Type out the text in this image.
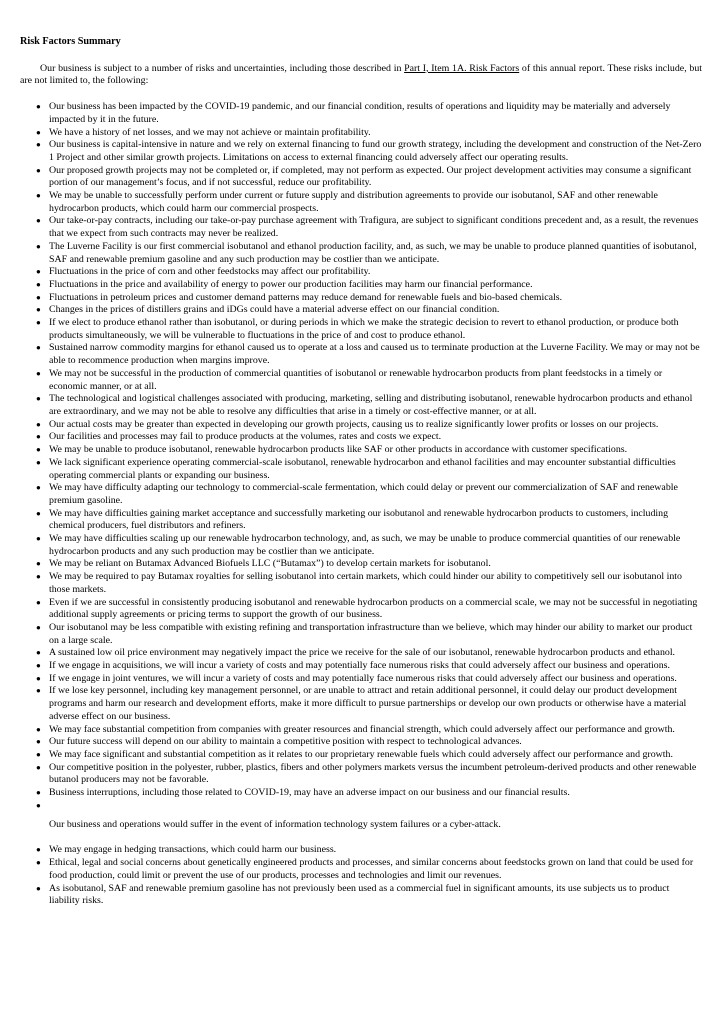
Risk Factors Summary

Our business is subject to a number of risks and uncertainties, including those described in Part I, Item 1A. Risk Factors of this annual report. These risks include, but are not limited to, the following:

● Our business has been impacted by the COVID-19 pandemic, and our financial condition, results of operations and liquidity may be materially and adversely impacted by it in the future.
● We have a history of net losses, and we may not achieve or maintain profitability.
● Our business is capital-intensive in nature and we rely on external financing to fund our growth strategy, including the development and construction of the Net-Zero 1 Project and other similar growth projects. Limitations on access to external financing could adversely affect our operating results.
● Our proposed growth projects may not be completed or, if completed, may not perform as expected. Our project development activities may consume a significant portion of our management’s focus, and if not successful, reduce our profitability.
● We may be unable to successfully perform under current or future supply and distribution agreements to provide our isobutanol, SAF and other renewable hydrocarbon products, which could harm our commercial prospects.
● Our take-or-pay contracts, including our take-or-pay purchase agreement with Trafigura, are subject to significant conditions precedent and, as a result, the revenues that we expect from such contracts may never be realized.
● The Luverne Facility is our first commercial isobutanol and ethanol production facility, and, as such, we may be unable to produce planned quantities of isobutanol, SAF and renewable premium gasoline and any such production may be costlier than we anticipate.
● Fluctuations in the price of corn and other feedstocks may affect our profitability.
● Fluctuations in the price and availability of energy to power our production facilities may harm our financial performance.
● Fluctuations in petroleum prices and customer demand patterns may reduce demand for renewable fuels and bio-based chemicals.
● Changes in the prices of distillers grains and iDGs could have a material adverse effect on our financial condition.
● If we elect to produce ethanol rather than isobutanol, or during periods in which we make the strategic decision to revert to ethanol production, or produce both products simultaneously, we will be vulnerable to fluctuations in the price of and cost to produce ethanol.
● Sustained narrow commodity margins for ethanol caused us to operate at a loss and caused us to terminate production at the Luverne Facility. We may or may not be able to recommence production when margins improve.
● We may not be successful in the production of commercial quantities of isobutanol or renewable hydrocarbon products from plant feedstocks in a timely or economic manner, or at all.
● The technological and logistical challenges associated with producing, marketing, selling and distributing isobutanol, renewable hydrocarbon products and ethanol are extraordinary, and we may not be able to resolve any difficulties that arise in a timely or cost-effective manner, or at all.
● Our actual costs may be greater than expected in developing our growth projects, causing us to realize significantly lower profits or losses on our projects.
● Our facilities and processes may fail to produce products at the volumes, rates and costs we expect.
● We may be unable to produce isobutanol, renewable hydrocarbon products like SAF or other products in accordance with customer specifications.
● We lack significant experience operating commercial-scale isobutanol, renewable hydrocarbon and ethanol facilities and may encounter substantial difficulties operating commercial plants or expanding our business.
● We may have difficulty adapting our technology to commercial-scale fermentation, which could delay or prevent our commercialization of SAF and renewable premium gasoline.
● We may have difficulties gaining market acceptance and successfully marketing our isobutanol and renewable hydrocarbon products to customers, including chemical producers, fuel distributors and refiners.
● We may have difficulties scaling up our renewable hydrocarbon technology, and, as such, we may be unable to produce commercial quantities of our renewable hydrocarbon products and any such production may be costlier than we anticipate.
● We may be reliant on Butamax Advanced Biofuels LLC (“Butamax”) to develop certain markets for isobutanol.
● We may be required to pay Butamax royalties for selling isobutanol into certain markets, which could hinder our ability to competitively sell our isobutanol into those markets.
● Even if we are successful in consistently producing isobutanol and renewable hydrocarbon products on a commercial scale, we may not be successful in negotiating additional supply agreements or pricing terms to support the growth of our business.
● Our isobutanol may be less compatible with existing refining and transportation infrastructure than we believe, which may hinder our ability to market our product on a large scale.
● A sustained low oil price environment may negatively impact the price we receive for the sale of our isobutanol, renewable hydrocarbon products and ethanol.
● If we engage in acquisitions, we will incur a variety of costs and may potentially face numerous risks that could adversely affect our business and operations.
● If we engage in joint ventures, we will incur a variety of costs and may potentially face numerous risks that could adversely affect our business and operations.
● If we lose key personnel, including key management personnel, or are unable to attract and retain additional personnel, it could delay our product development programs and harm our research and development efforts, make it more difficult to pursue partnerships or develop our own products or otherwise have a material adverse effect on our business.
● We may face substantial competition from companies with greater resources and financial strength, which could adversely affect our performance and growth.
● Our future success will depend on our ability to maintain a competitive position with respect to technological advances.
● We may face significant and substantial competition as it relates to our proprietary renewable fuels which could adversely affect our performance and growth.
● Our competitive position in the polyester, rubber, plastics, fibers and other polymers markets versus the incumbent petroleum-derived products and other renewable butanol producers may not be favorable.
● Business interruptions, including those related to COVID-19, may have an adverse impact on our business and our financial results.
●
Our business and operations would suffer in the event of information technology system failures or a cyber-attack.
● We may engage in hedging transactions, which could harm our business.
● Ethical, legal and social concerns about genetically engineered products and processes, and similar concerns about feedstocks grown on land that could be used for food production, could limit or prevent the use of our products, processes and technologies and limit our revenues.
● As isobutanol, SAF and renewable premium gasoline has not previously been used as a commercial fuel in significant amounts, its use subjects us to product liability risks.
